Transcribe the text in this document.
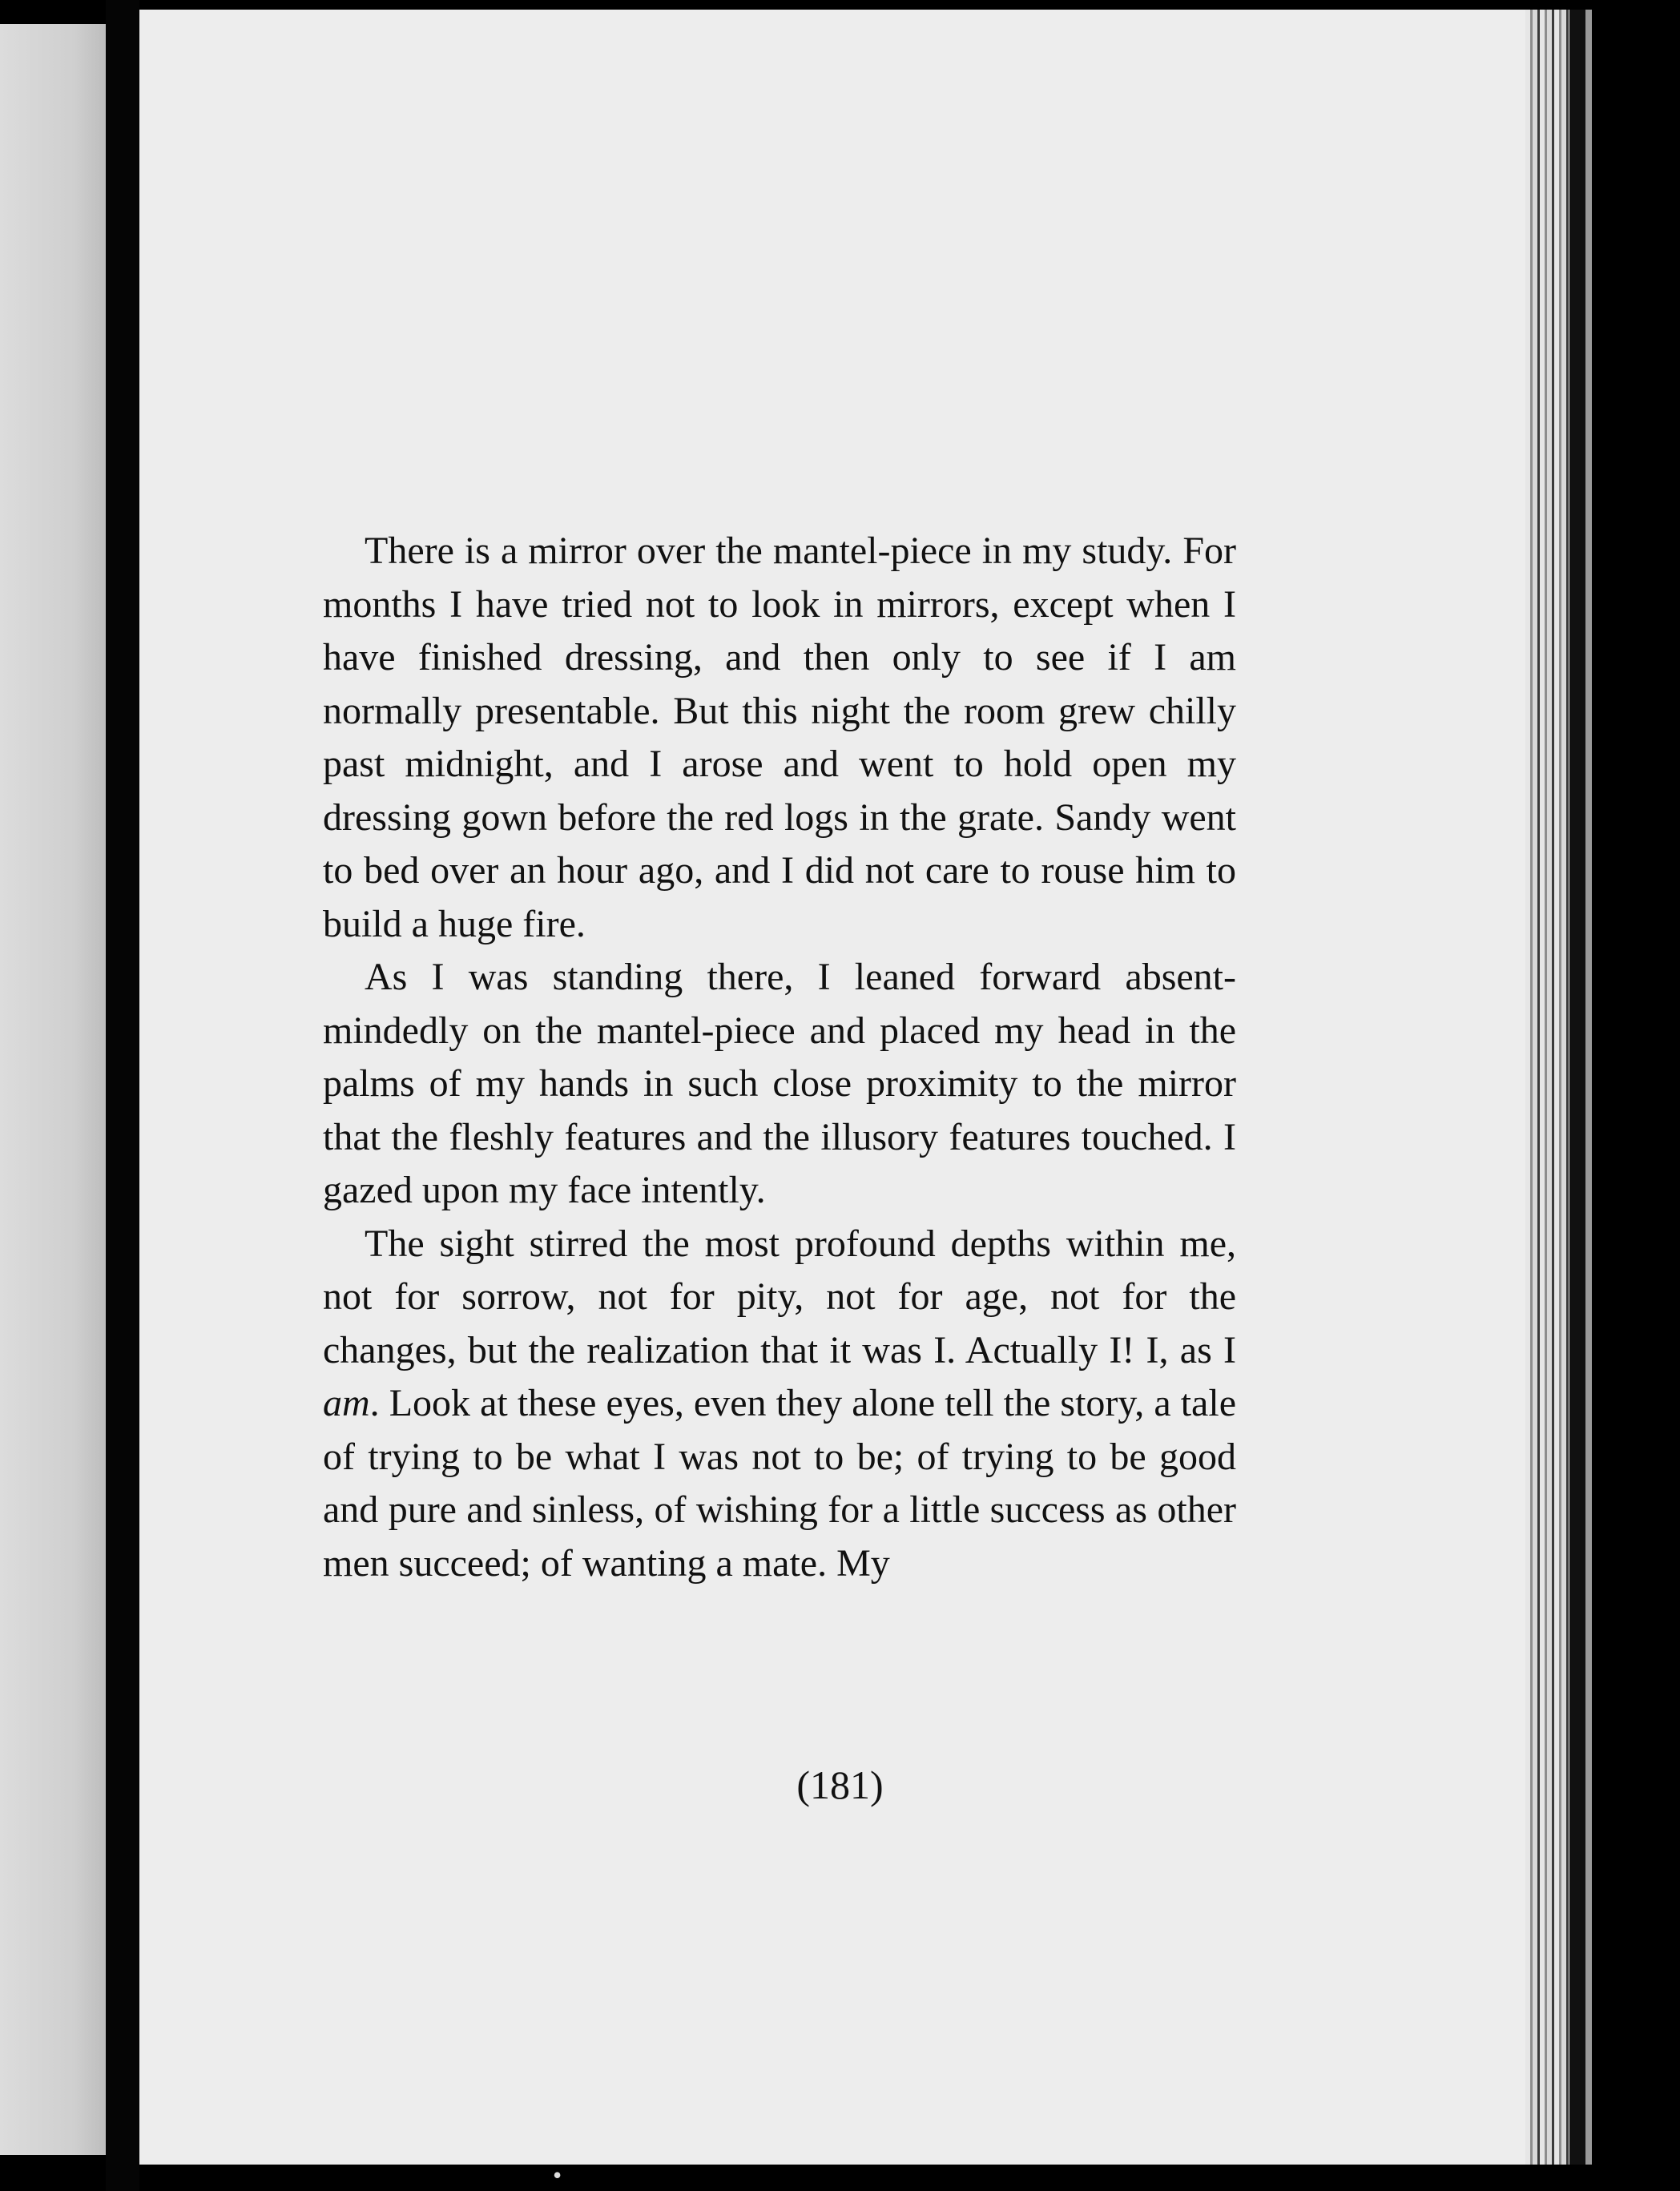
There is a mirror over the mantel-piece in my study. For months I have tried not to look in mirrors, except when I have finished dressing, and then only to see if I am normally presentable. But this night the room grew chilly past midnight, and I arose and went to hold open my dressing gown before the red logs in the grate. Sandy went to bed over an hour ago, and I did not care to rouse him to build a huge fire.

As I was standing there, I leaned forward absent-mindedly on the mantel-piece and placed my head in the palms of my hands in such close proximity to the mirror that the fleshly features and the illusory features touched. I gazed upon my face intently.

The sight stirred the most profound depths within me, not for sorrow, not for pity, not for age, not for the changes, but the realization that it was I. Actually I! I, as I am. Look at these eyes, even they alone tell the story, a tale of trying to be what I was not to be; of trying to be good and pure and sinless, of wishing for a little success as other men succeed; of wanting a mate. My

(181)
•
